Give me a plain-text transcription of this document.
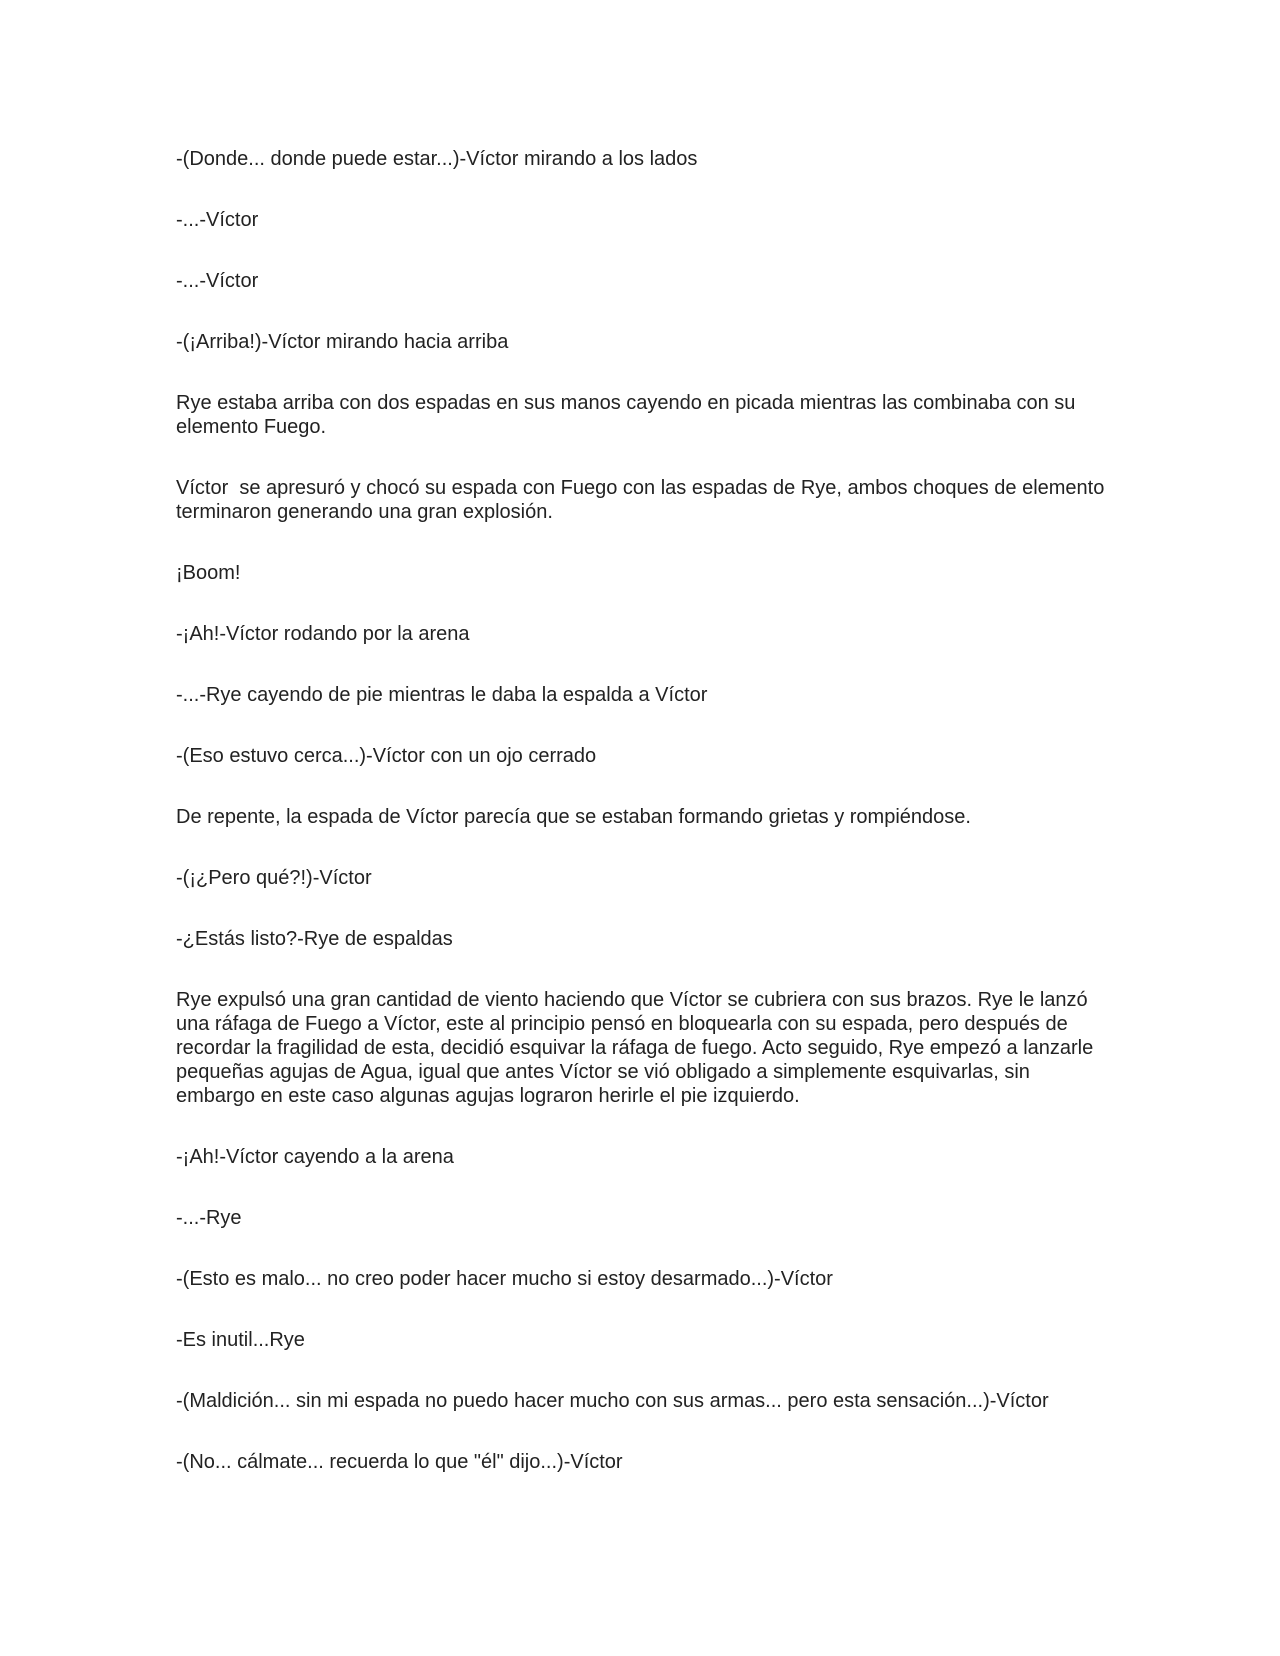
-(Donde... donde puede estar...)-Víctor mirando a los lados

-...-Víctor

-...-Víctor

-(¡Arriba!)-Víctor mirando hacia arriba

Rye estaba arriba con dos espadas en sus manos cayendo en picada mientras las combinaba con su elemento Fuego.

Víctor  se apresuró y chocó su espada con Fuego con las espadas de Rye, ambos choques de elemento terminaron generando una gran explosión.

¡Boom!

-¡Ah!-Víctor rodando por la arena

-...-Rye cayendo de pie mientras le daba la espalda a Víctor

-(Eso estuvo cerca...)-Víctor con un ojo cerrado

De repente, la espada de Víctor parecía que se estaban formando grietas y rompiéndose.

-(¡¿Pero qué?!)-Víctor

-¿Estás listo?-Rye de espaldas

Rye expulsó una gran cantidad de viento haciendo que Víctor se cubriera con sus brazos. Rye le lanzó una ráfaga de Fuego a Víctor, este al principio pensó en bloquearla con su espada, pero después de recordar la fragilidad de esta, decidió esquivar la ráfaga de fuego. Acto seguido, Rye empezó a lanzarle pequeñas agujas de Agua, igual que antes Víctor se vió obligado a simplemente esquivarlas, sin embargo en este caso algunas agujas lograron herirle el pie izquierdo.

-¡Ah!-Víctor cayendo a la arena

-...-Rye

-(Esto es malo... no creo poder hacer mucho si estoy desarmado...)-Víctor

-Es inutil...Rye

-(Maldición... sin mi espada no puedo hacer mucho con sus armas... pero esta sensación...)-Víctor

-(No... cálmate... recuerda lo que "él" dijo...)-Víctor
